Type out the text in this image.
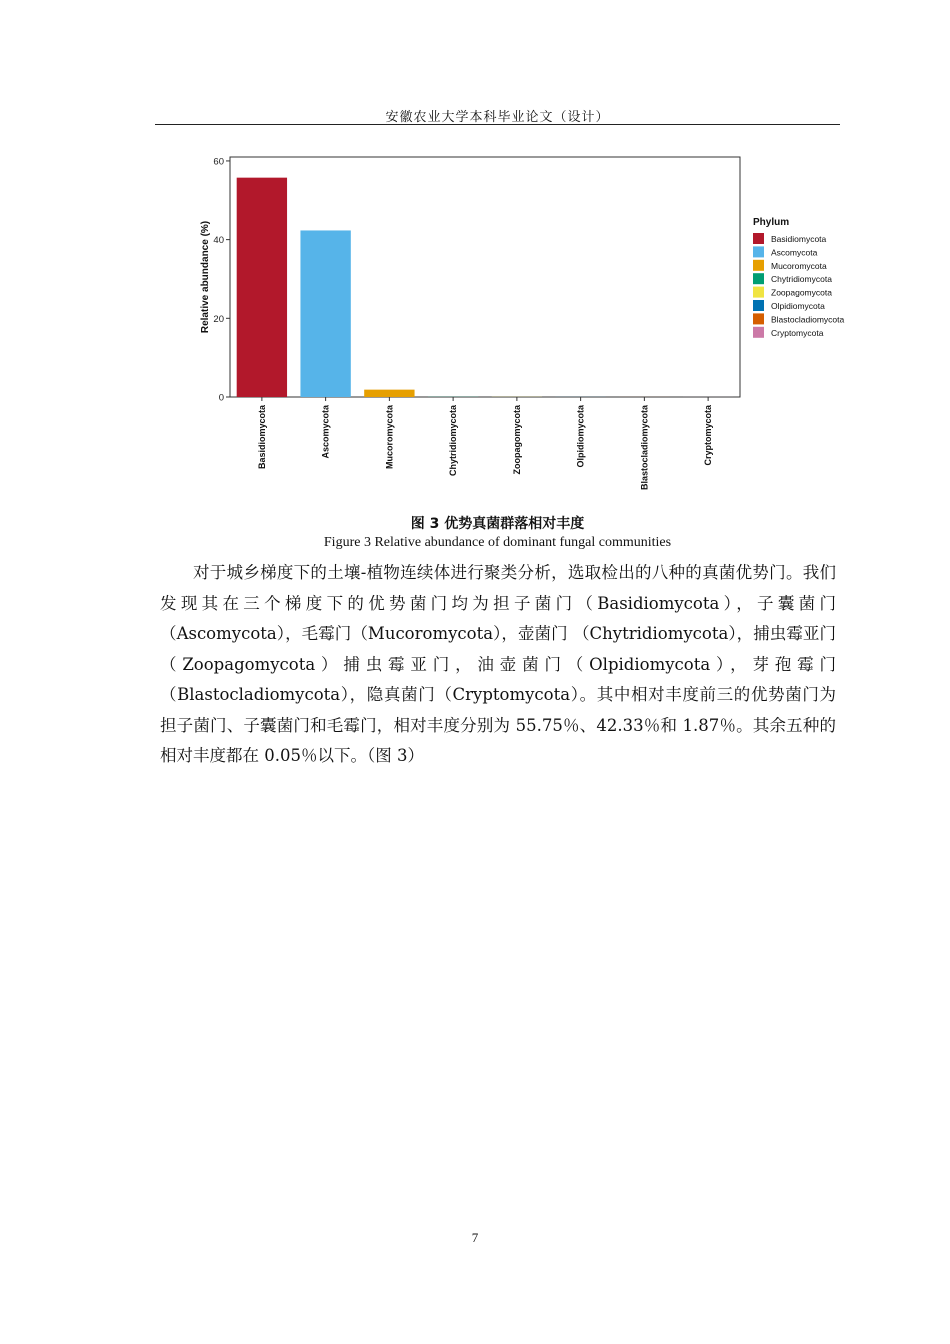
安徽农业大学本科毕业论文（设计）
0
20
40
60
Relative abundance (%)
Basidiomycota	Ascomycota	Mucoromycota	Chytridiomycota	Zoopagomycota	Olpidiomycota	Blastocladiomycota	Cryptomycota
Phylum
Basidiomycota
Ascomycota
Mucoromycota
Chytridiomycota
Zoopagomycota
Olpidiomycota
Blastocladiomycota
Cryptomycota
图 3 优势真菌群落相对丰度
Figure 3 Relative abundance of dominant fungal communities
对于城乡梯度下的土壤-植物连续体进行聚类分析，选取检出的八种的真菌优势门。我们发现其在三个梯度下的优势菌门均为担子菌门（Basidiomycota），子囊菌门（Ascomycota），毛霉门（Mucoromycota），壶菌门 （Chytridiomycota），捕虫霉亚门（Zoopagomycota）捕虫霉亚门，油壶菌门（Olpidiomycota），芽孢霉门（Blastocladiomycota），隐真菌门（Cryptomycota）。其中相对丰度前三的优势菌门为担子菌门、子囊菌门和毛霉门，相对丰度分别为 55.75％、42.33％和 1.87％。其余五种的相对丰度都在 0.05％以下。（图 3）
7
